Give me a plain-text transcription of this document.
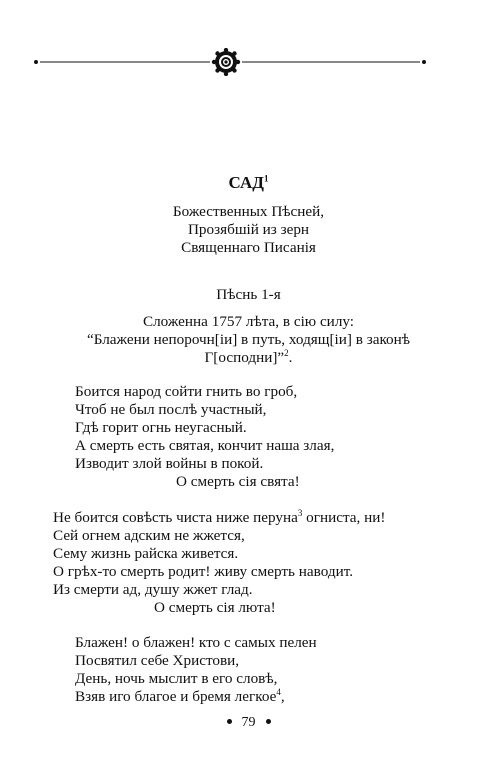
САД$^1$
Божественных Пѣсней,
Прозябшій из зерн
Священнаго Писанія
Пѣснь 1-я
Сложенна 1757 лѣта, в сію силу:
“Блажени непорочн[іи] в путь, ходящ[іи] в законѣ
Г[осподни]”$^2$.
Боится народ сойти гнить во гроб,
Чтоб не был послѣ участный,
Гдѣ горит огнь неугасный.
А смерть есть святая, кончит наша злая,
Изводит злой войны в покой.
О смерть сія свята!
Не боится совѣсть чиста ниже перуна$^3$ огниста, ни!
Сей огнем адским не жжется,
Сему жизнь райска живется.
О грѣх-то смерть родит! живу смерть наводит.
Из смерти ад, душу жжет глад.
О смерть сія люта!
Блажен! о блажен! кто с самых пелен
Посвятил себе Христови,
День, ночь мыслит в его словѣ,
Взяв иго благое и бремя легкое$^4$,
79
